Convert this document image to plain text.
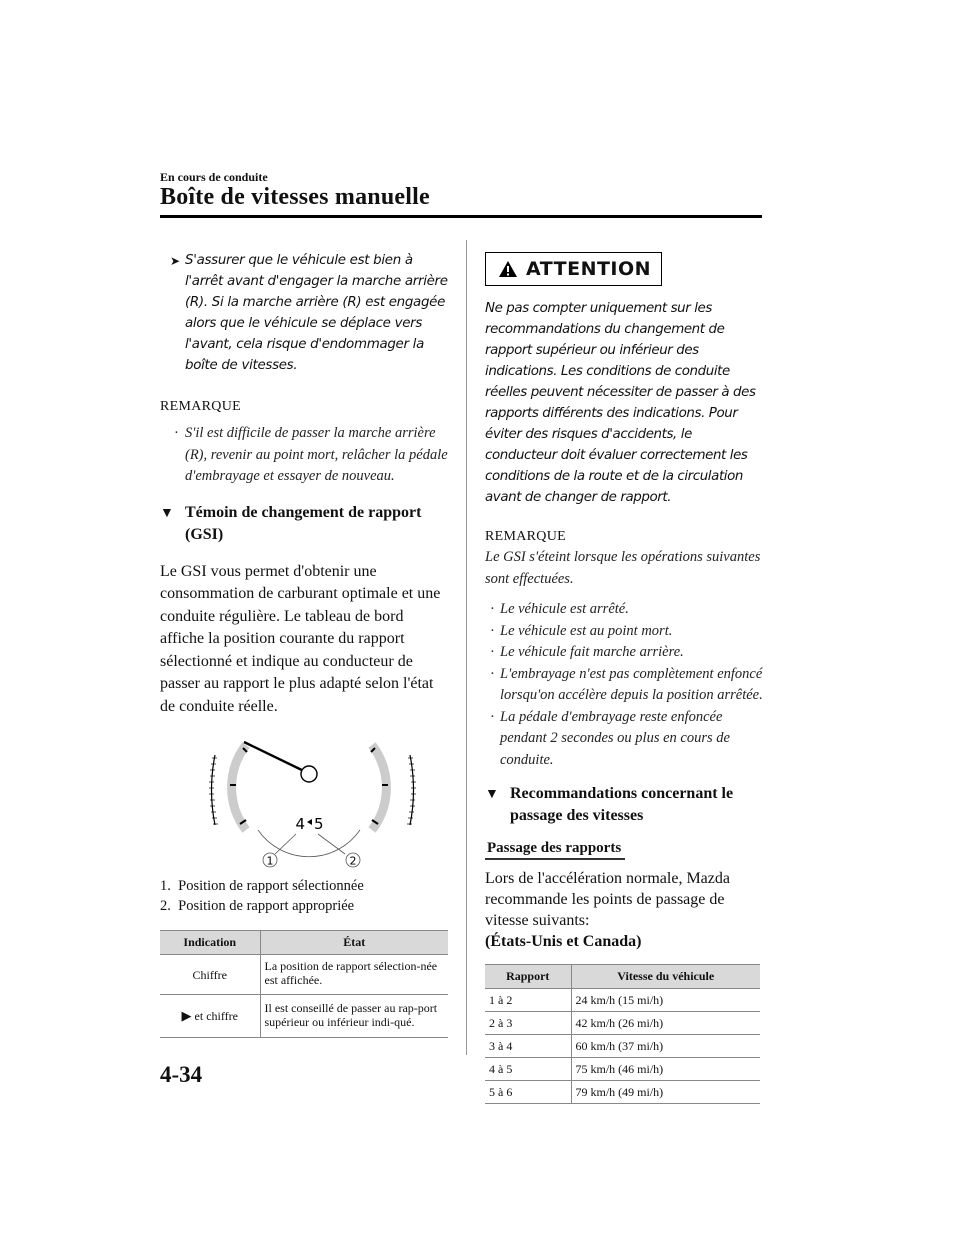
En cours de conduite
Boîte de vitesses manuelle
➤ S'assurer que le véhicule est bien à l'arrêt avant d'engager la marche arrière (R). Si la marche arrière (R) est engagée alors que le véhicule se déplace vers l'avant, cela risque d'endommager la boîte de vitesses.
REMARQUE
· S'il est difficile de passer la marche arrière (R), revenir au point mort, relâcher la pédale d'embrayage et essayer de nouveau.
▼ Témoin de changement de rapport (GSI)
Le GSI vous permet d'obtenir une consommation de carburant optimale et une conduite régulière. Le tableau de bord affiche la position courante du rapport sélectionné et indique au conducteur de passer au rapport le plus adapté selon l'état de conduite réelle.
4 5
1	2
1. Position de rapport sélectionnée
2. Position de rapport appropriée
Indication	État
Chiffre	La position de rapport sélection-née est affichée.
▶ et chiffre	Il est conseillé de passer au rap-port supérieur ou inférieur indi-qué.
ATTENTION
Ne pas compter uniquement sur les recommandations du changement de rapport supérieur ou inférieur des indications. Les conditions de conduite réelles peuvent nécessiter de passer à des rapports différents des indications. Pour éviter des risques d'accidents, le conducteur doit évaluer correctement les conditions de la route et de la circulation avant de changer de rapport.
REMARQUE
Le GSI s'éteint lorsque les opérations suivantes sont effectuées.
· Le véhicule est arrêté.
· Le véhicule est au point mort.
· Le véhicule fait marche arrière.
· L'embrayage n'est pas complètement enfoncé lorsqu'on accélère depuis la position arrêtée.
· La pédale d'embrayage reste enfoncée pendant 2 secondes ou plus en cours de conduite.
▼ Recommandations concernant le passage des vitesses
Passage des rapports
Lors de l'accélération normale, Mazda recommande les points de passage de vitesse suivants:
(États-Unis et Canada)
Rapport	Vitesse du véhicule
1 à 2	24 km/h (15 mi/h)
2 à 3	42 km/h (26 mi/h)
3 à 4	60 km/h (37 mi/h)
4 à 5	75 km/h (46 mi/h)
5 à 6	79 km/h (49 mi/h)
4-34
